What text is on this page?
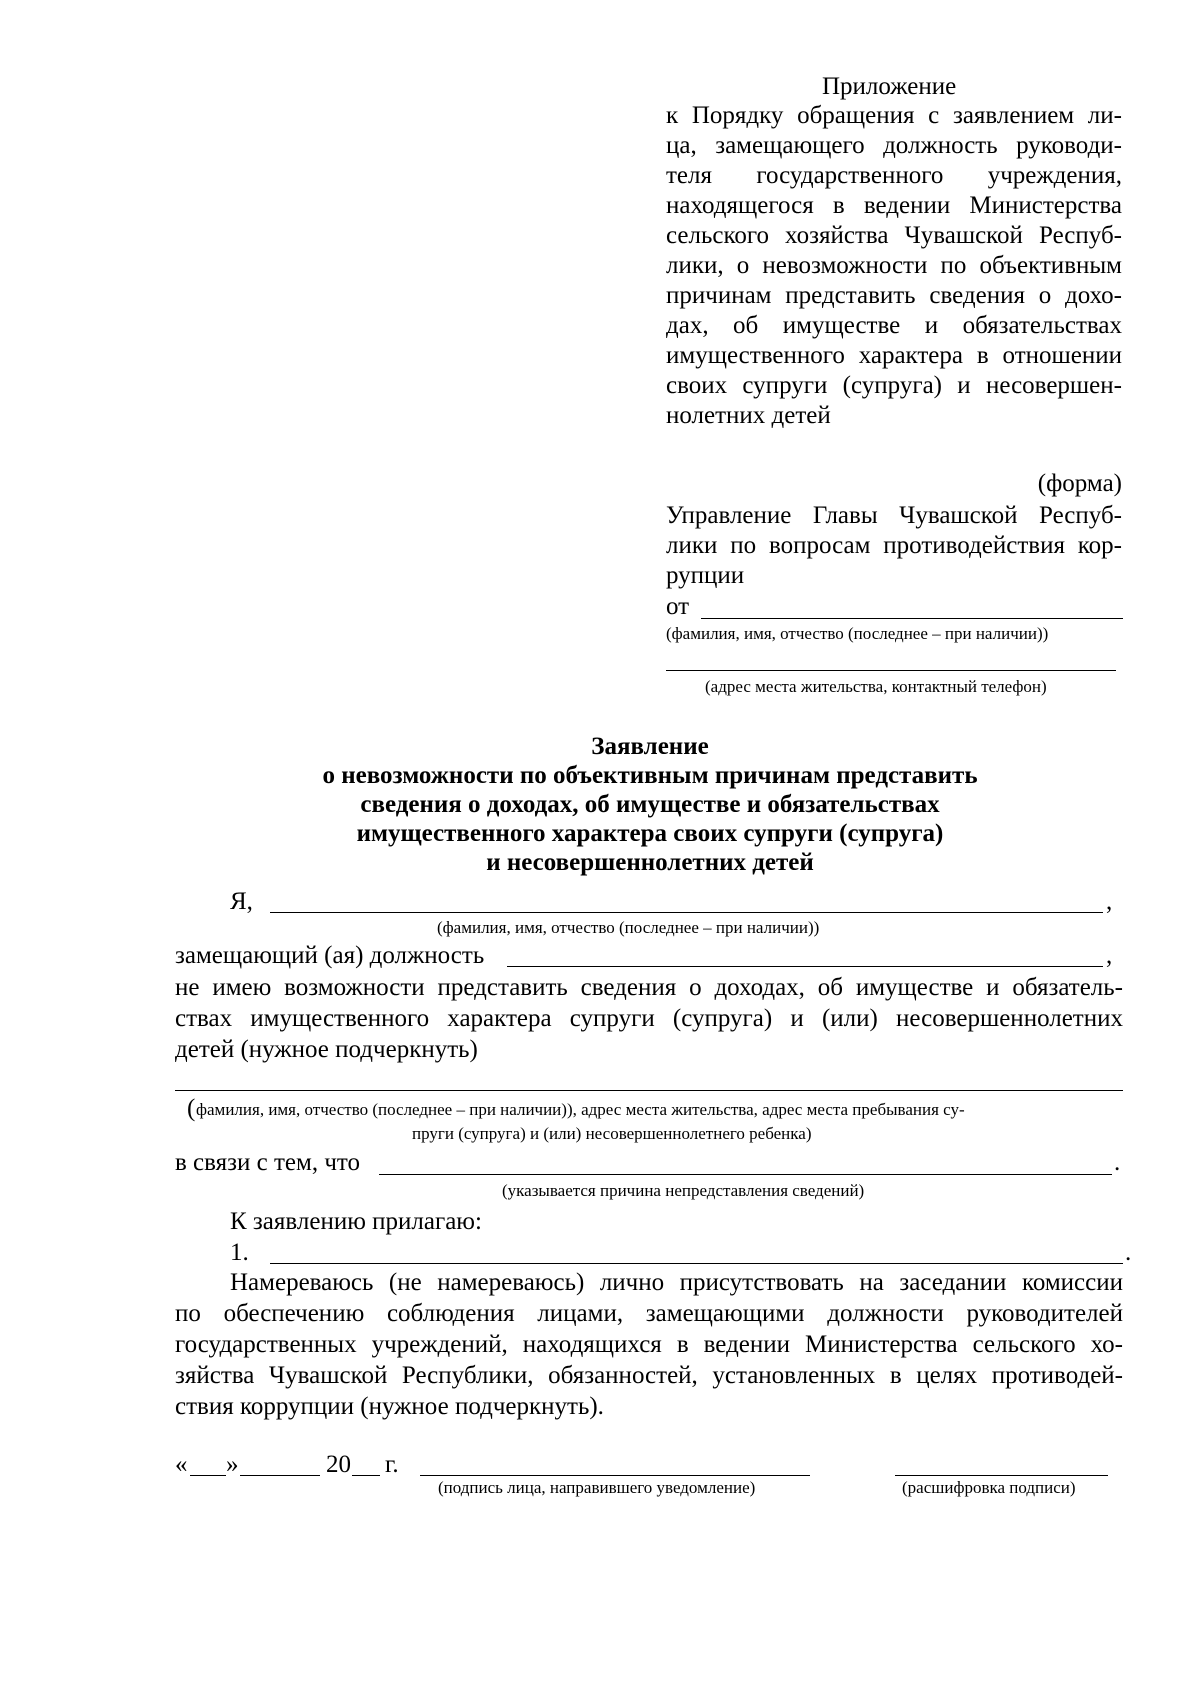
Приложение
к Порядку обращения с заявлением ли-
ца, замещающего должность руководи-
теля государственного учреждения,
находящегося в ведении Министерства
сельского хозяйства Чувашской Респуб-
лики, о невозможности по объективным
причинам представить сведения о дохо-
дах, об имуществе и обязательствах
имущественного характера в отношении
своих супруги (супруга) и несовершен-
нолетних детей
(форма)
Управление Главы Чувашской Респуб-
лики по вопросам противодействия кор-
рупции
от
(фамилия, имя, отчество (последнее – при наличии))
(адрес места жительства, контактный телефон)
Заявление
о невозможности по объективным причинам представить
сведения о доходах, об имуществе и обязательствах
имущественного характера своих супруги (супруга)
и несовершеннолетних детей
Я,	,
(фамилия, имя, отчество (последнее – при наличии))
замещающий (ая) должность	,
не имею возможности представить сведения о доходах, об имуществе и обязатель-
ствах имущественного характера супруги (супруга) и (или) несовершеннолетних
детей (нужное подчеркнуть)
( фамилия, имя, отчество (последнее – при наличии)), адрес места жительства, адрес места пребывания су-
пруги (супруга) и (или) несовершеннолетнего ребенка)
в связи с тем, что	.
(указывается причина непредставления сведений)
К заявлению прилагаю:
1.	.
Намереваюсь (не намереваюсь) лично присутствовать на заседании комиссии
по обеспечению соблюдения лицами, замещающими должности руководителей
государственных учреждений, находящихся в ведении Министерства сельского хо-
зяйства Чувашской Республики, обязанностей, установленных в целях противодей-
ствия коррупции (нужное подчеркнуть).
« »	20 г.
(подпись лица, направившего уведомление)	(расшифровка подписи)
